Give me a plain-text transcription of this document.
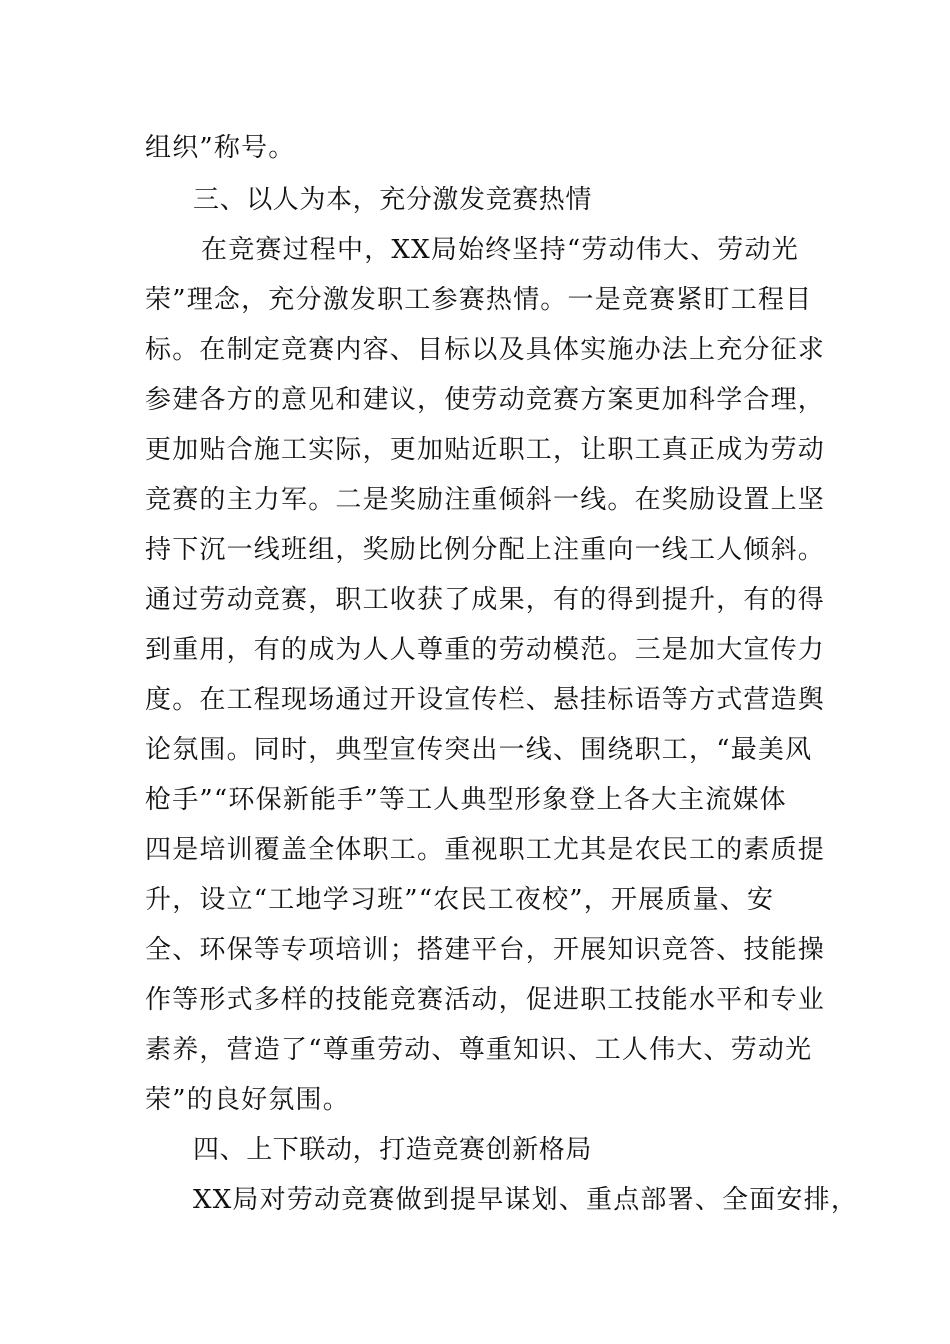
组织”称号。

三、以人为本，充分激发竞赛热情

在竞赛过程中，XX局始终坚持“劳动伟大、劳动光

荣”理念，充分激发职工参赛热情。一是竞赛紧盯工程目

标。在制定竞赛内容、目标以及具体实施办法上充分征求

参建各方的意见和建议，使劳动竞赛方案更加科学合理，

更加贴合施工实际，更加贴近职工，让职工真正成为劳动

竞赛的主力军。二是奖励注重倾斜一线。在奖励设置上坚

持下沉一线班组，奖励比例分配上注重向一线工人倾斜。

通过劳动竞赛，职工收获了成果，有的得到提升，有的得

到重用，有的成为人人尊重的劳动模范。三是加大宣传力

度。在工程现场通过开设宣传栏、悬挂标语等方式营造舆

论氛围。同时，典型宣传突出一线、围绕职工，“最美风

枪手”“环保新能手”等工人典型形象登上各大主流媒体

四是培训覆盖全体职工。重视职工尤其是农民工的素质提

升，设立“工地学习班”“农民工夜校”，开展质量、安

全、环保等专项培训；搭建平台，开展知识竞答、技能操

作等形式多样的技能竞赛活动，促进职工技能水平和专业

素养，营造了“尊重劳动、尊重知识、工人伟大、劳动光

荣”的良好氛围。

四、上下联动，打造竞赛创新格局

XX局对劳动竞赛做到提早谋划、重点部署、全面安排，
